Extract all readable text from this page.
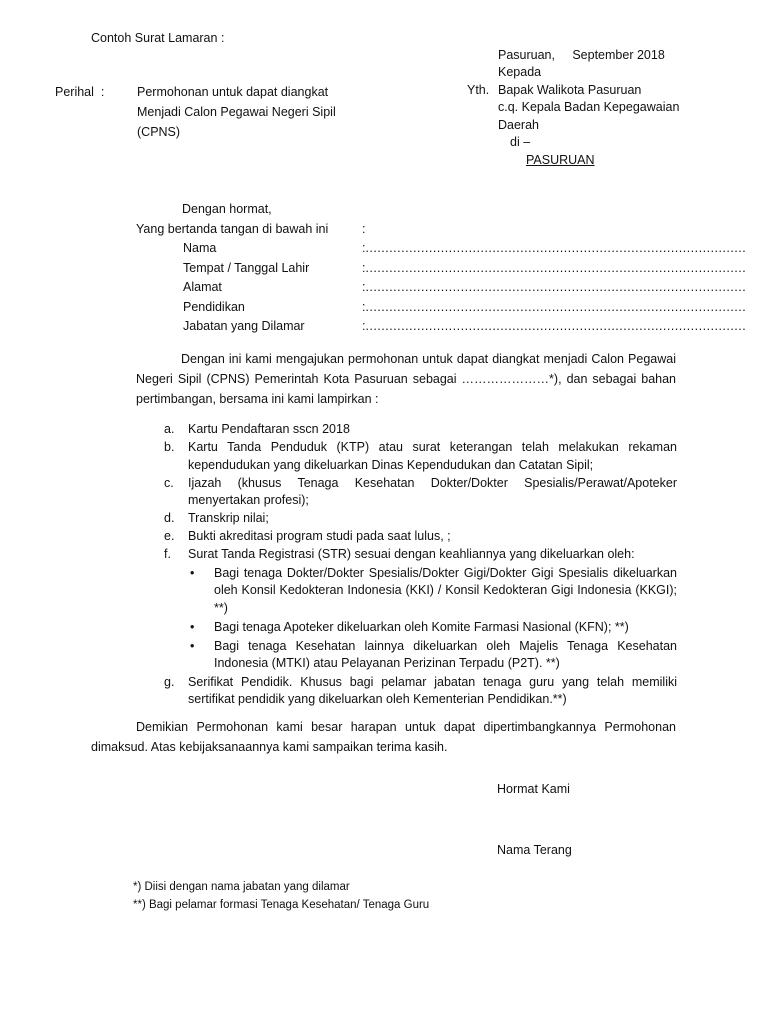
Contoh Surat Lamaran :
Pasuruan,     September 2018
Kepada
Yth. Bapak Walikota Pasuruan
c.q. Kepala Badan Kepegawaian
Daerah
di –
PASURUAN
Perihal  :	Permohonan untuk dapat diangkat
Menjadi Calon Pegawai Negeri Sipil
(CPNS)
Dengan hormat,
Yang bertanda tangan di bawah ini	:
Nama	:……………………………………………………………………………………
Tempat / Tanggal Lahir	:……………………………………………………………………………………
Alamat	:……………………………………………………………………………………
Pendidikan	:……………………………………………………………………………………
Jabatan yang Dilamar	:……………………………………………………………………………………
Dengan ini kami mengajukan permohonan untuk dapat diangkat menjadi Calon Pegawai
Negeri Sipil (CPNS) Pemerintah Kota Pasuruan sebagai …………………*), dan sebagai bahan
pertimbangan, bersama ini kami lampirkan :
a. Kartu Pendaftaran sscn 2018
b. Kartu Tanda Penduduk (KTP) atau surat keterangan telah melakukan rekaman
kependudukan yang dikeluarkan Dinas Kependudukan dan Catatan Sipil;
c. Ijazah (khusus Tenaga Kesehatan Dokter/Dokter Spesialis/Perawat/Apoteker
menyertakan profesi);
d. Transkrip nilai;
e. Bukti akreditasi program studi pada saat lulus, ;
f. Surat Tanda Registrasi (STR) sesuai dengan keahliannya yang dikeluarkan oleh:
• Bagi tenaga Dokter/Dokter Spesialis/Dokter Gigi/Dokter Gigi Spesialis dikeluarkan
oleh Konsil Kedokteran Indonesia (KKI) / Konsil Kedokteran Gigi Indonesia (KKGI);
**)
• Bagi tenaga Apoteker dikeluarkan oleh Komite Farmasi Nasional (KFN); **)
• Bagi tenaga Kesehatan lainnya dikeluarkan oleh Majelis Tenaga Kesehatan
Indonesia (MTKI) atau Pelayanan Perizinan Terpadu (P2T). **)
g. Serifikat Pendidik. Khusus bagi pelamar jabatan tenaga guru yang telah memiliki
sertifikat pendidik yang dikeluarkan oleh Kementerian Pendidikan.**)
Demikian Permohonan kami besar harapan untuk dapat dipertimbangkannya Permohonan
dimaksud. Atas kebijaksanaannya kami sampaikan terima kasih.
Hormat Kami
Nama Terang
*) Diisi dengan nama jabatan yang dilamar
**) Bagi pelamar formasi Tenaga Kesehatan/ Tenaga Guru
